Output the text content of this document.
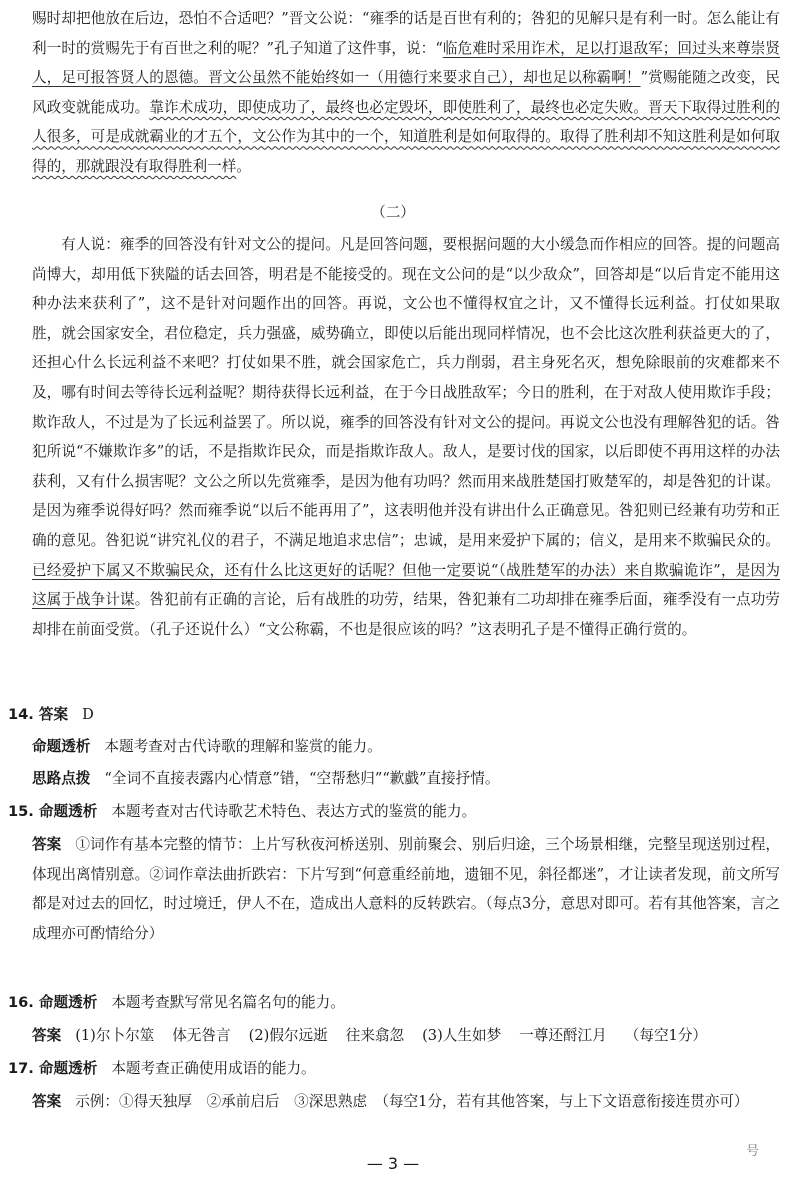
赐时却把他放在后边，恐怕不合适吧？”晋文公说：“雍季的话是百世有利的；咎犯的见解只是有利一时。怎么能让有利一时的赏赐先于有百世之利的呢？”孔子知道了这件事，说：“临危难时采用诈术，足以打退敌军；回过头来尊崇贤人，足可报答贤人的恩德。晋文公虽然不能始终如一（用德行来要求自己），却也足以称霸啊！”赏赐能随之改变，民风政变就能成功。靠诈术成功，即使成功了，最终也必定毁坏，即使胜利了，最终也必定失败。晋天下取得过胜利的人很多，可是成就霸业的才五个，文公作为其中的一个，知道胜利是如何取得的。取得了胜利却不知这胜利是如何取得的，那就跟没有取得胜利一样。

（二）

有人说：雍季的回答没有针对文公的提问。凡是回答问题，要根据问题的大小缓急而作相应的回答。提的问题高尚博大，却用低下狭隘的话去回答，明君是不能接受的。现在文公问的是“以少敌众”，回答却是“以后肯定不能用这种办法来获利了”，这不是针对问题作出的回答。再说，文公也不懂得权宜之计，又不懂得长远利益。打仗如果取胜，就会国家安全，君位稳定，兵力强盛，威势确立，即使以后能出现同样情况，也不会比这次胜利获益更大的了，还担心什么长远利益不来吧？打仗如果不胜，就会国家危亡，兵力削弱，君主身死名灭，想免除眼前的灾难都来不及，哪有时间去等待长远利益呢？期待获得长远利益，在于今日战胜敌军；今日的胜利，在于对敌人使用欺诈手段；欺诈敌人，不过是为了长远利益罢了。所以说，雍季的回答没有针对文公的提问。再说文公也没有理解咎犯的话。咎犯所说“不嫌欺诈多”的话，不是指欺诈民众，而是指欺诈敌人。敌人，是要讨伐的国家，以后即使不再用这样的办法获利，又有什么损害呢？文公之所以先赏雍季，是因为他有功吗？然而用来战胜楚国打败楚军的，却是咎犯的计谋。是因为雍季说得好吗？然而雍季说“以后不能再用了”，这表明他并没有讲出什么正确意见。咎犯则已经兼有功劳和正确的意见。咎犯说“讲究礼仪的君子，不满足地追求忠信”；忠诚，是用来爱护下属的；信义，是用来不欺骗民众的。已经爱护下属又不欺骗民众，还有什么比这更好的话呢？但他一定要说“（战胜楚军的办法）来自欺骗诡诈”，是因为这属于战争计谋。咎犯前有正确的言论，后有战胜的功劳，结果，咎犯兼有二功却排在雍季后面，雍季没有一点功劳却排在前面受赏。（孔子还说什么）“文公称霸，不也是很应该的吗？”这表明孔子是不懂得正确行赏的。

14. 答案 D

命题透析 本题考查对古代诗歌的理解和鉴赏的能力。

思路点拨 “全词不直接表露内心情意”错，“空帮愁归”“歉戱”直接抒情。

15. 命题透析 本题考查对古代诗歌艺术特色、表达方式的鉴赏的能力。

答案 ①词作有基本完整的情节：上片写秋夜河桥送别、别前聚会、别后归途，三个场景相继，完整呈现送别过程，体现出离情别意。②词作章法曲折跌宕：下片写到“何意重经前地，遗钿不见，斜径都迷”，才让读者发现，前文所写都是对过去的回忆，时过境迁，伊人不在，造成出人意料的反转跌宕。（每点3分，意思对即可。若有其他答案，言之成理亦可酌情给分）

16. 命题透析 本题考查默写常见名篇名句的能力。

答案 (1)尔卜尔筮 体无咎言 (2)假尔远逝 往来翕忽 (3)人生如梦 一尊还酹江月 （每空1分）

17. 命题透析 本题考查正确使用成语的能力。

答案 示例：①得天独厚　②承前启后　③深思熟虑　（每空1分，若有其他答案，与上下文语意衔接连贯亦可）

— 3 —
号
